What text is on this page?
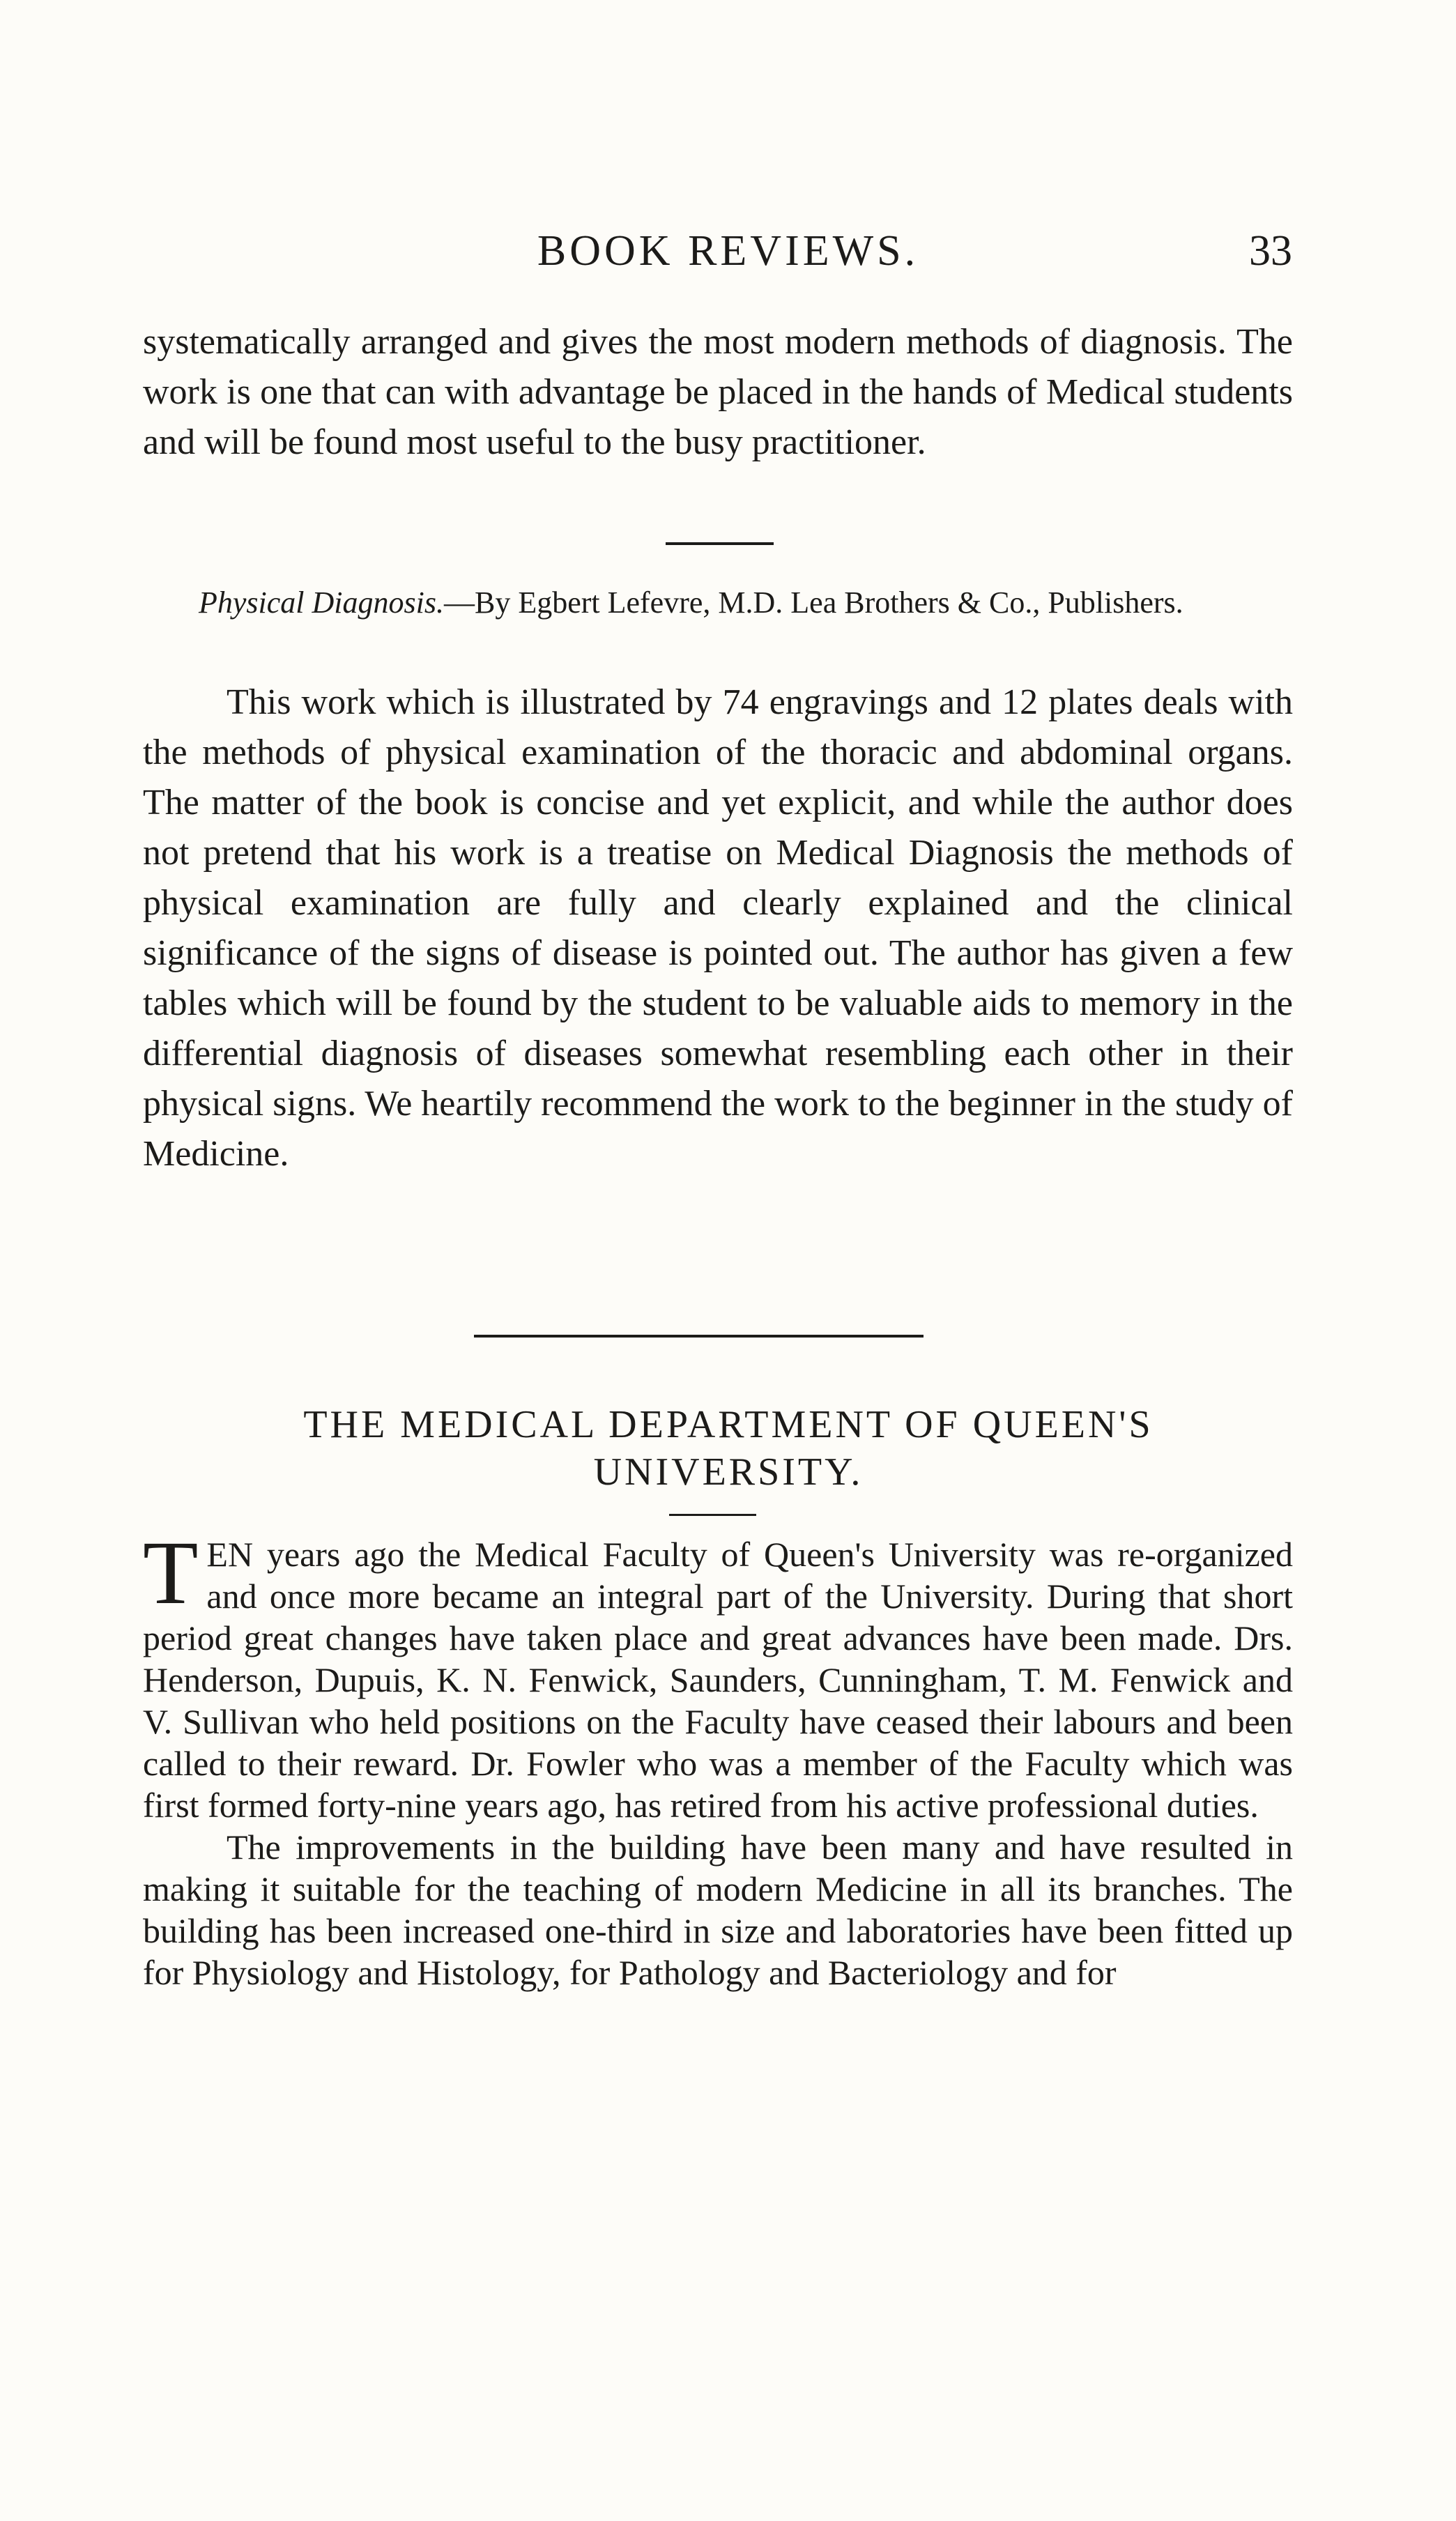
BOOK REVIEWS.	33

systematically arranged and gives the most modern methods of diagnosis. The work is one that can with advantage be placed in the hands of Medical students and will be found most useful to the busy practitioner.

Physical Diagnosis.—By Egbert Lefevre, M.D. Lea Brothers & Co., Publishers.

This work which is illustrated by 74 engravings and 12 plates deals with the methods of physical examination of the thoracic and abdominal organs. The matter of the book is concise and yet explicit, and while the author does not pretend that his work is a treatise on Medical Diagnosis the methods of physical examination are fully and clearly explained and the clinical significance of the signs of disease is pointed out. The author has given a few tables which will be found by the student to be valuable aids to memory in the differential diagnosis of diseases somewhat resembling each other in their physical signs. We heartily recommend the work to the beginner in the study of Medicine.

THE MEDICAL DEPARTMENT OF QUEEN'S
UNIVERSITY.

TEN years ago the Medical Faculty of Queen's University was re-organized and once more became an integral part of the University. During that short period great changes have taken place and great advances have been made. Drs. Henderson, Dupuis, K. N. Fenwick, Saunders, Cunningham, T. M. Fenwick and V. Sullivan who held positions on the Faculty have ceased their labours and been called to their reward. Dr. Fowler who was a member of the Faculty which was first formed forty-nine years ago, has retired from his active professional duties.

The improvements in the building have been many and have resulted in making it suitable for the teaching of modern Medicine in all its branches. The building has been increased one-third in size and laboratories have been fitted up for Physiology and Histology, for Pathology and Bacteriology and for
